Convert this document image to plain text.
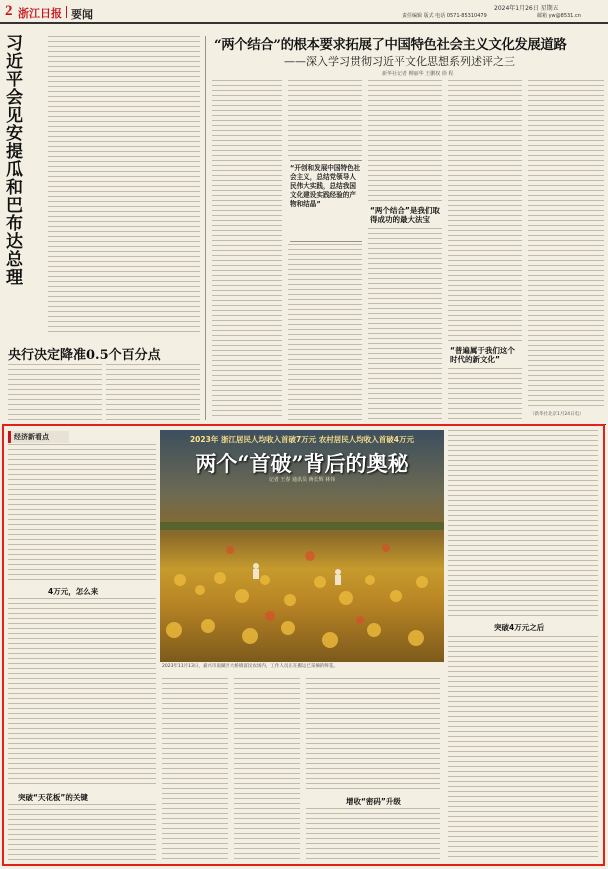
2 浙江日报 要闻	2024年1月26日 星期五
责任编辑 版式 电话 0571-85310479	邮箱 yw@8531.cn
习近平会见安提瓜和巴布达总理
央行决定降准0.5个百分点
“两个结合”的根本要求拓展了中国特色社会主义文化发展道路
——深入学习贯彻习近平文化思想系列述评之三
新华社记者 柳丽华 王鹏权 徐 程
“开创和发展中国特色社会主义，总结党领导人民伟大实践，总结我国文化建设实践经验的产物和结晶”
“两个结合”是我们取得成功的最大法宝
“普遍属于我们这个时代的新文化”
（新华社北京1月24日电）
经济新看点
4万元，怎么来
突破“天花板”的关键
2023年 浙江居民人均收入首破7万元 农村居民人均收入首破4万元
两个“首破”背后的奥秘
记者 王春 通讯员 蒋长辉 林伟
2023年11月13日，嘉兴市南湖区大桥镇富民农场内，工作人员正在搬运已采摘的鲜花。
增收“密码”升级
突破4万元之后
